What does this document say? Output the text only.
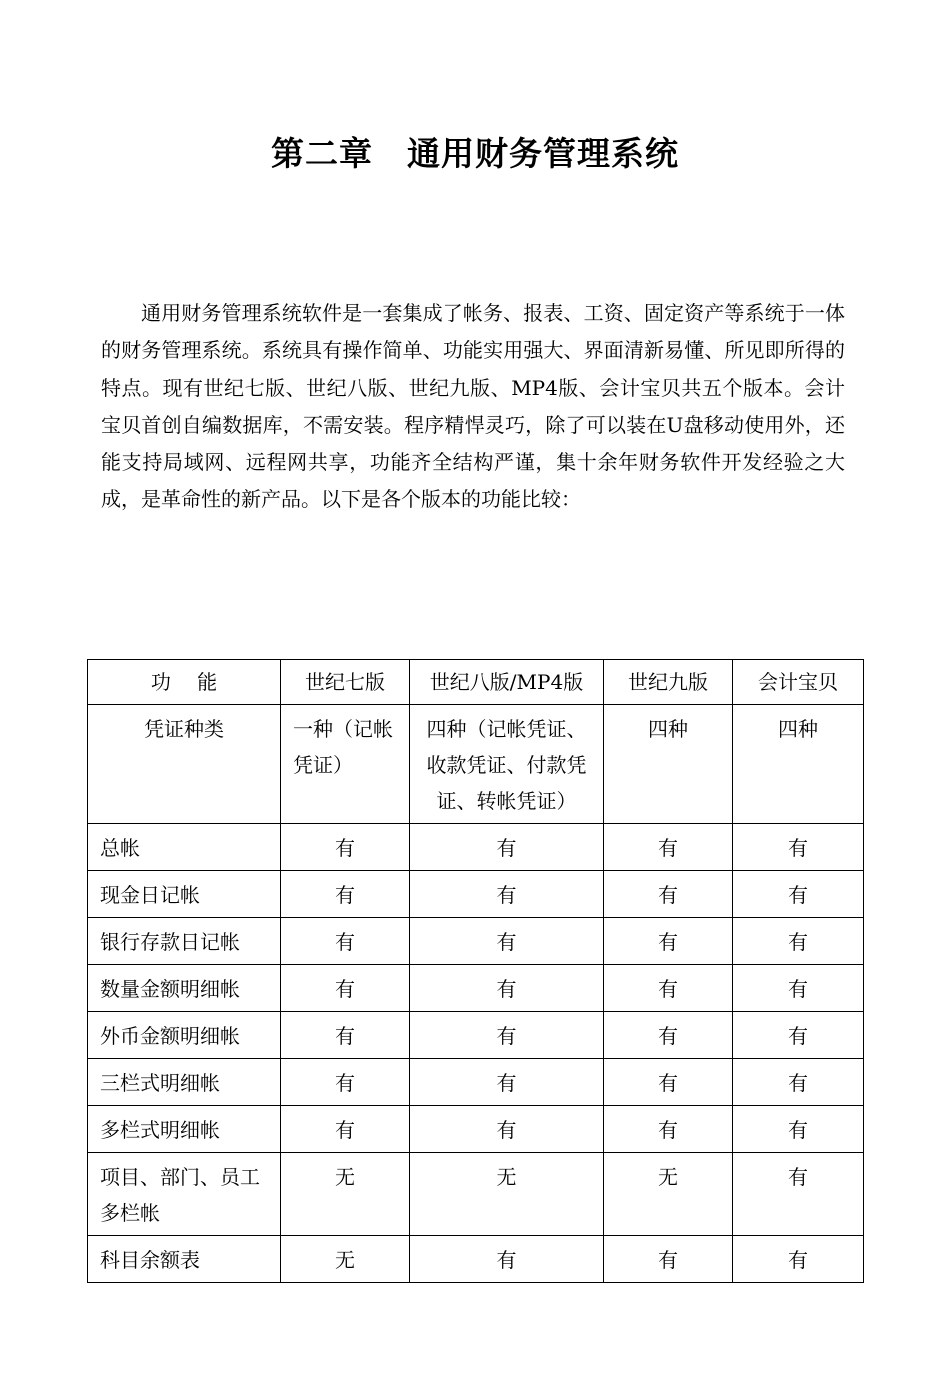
第二章　通用财务管理系统

通用财务管理系统软件是一套集成了帐务、报表、工资、固定资产等系统于一体的财务管理系统。系统具有操作简单、功能实用强大、界面清新易懂、所见即所得的特点。现有世纪七版、世纪八版、世纪九版、MP4版、会计宝贝共五个版本。会计宝贝首创自编数据库，不需安装。程序精悍灵巧，除了可以装在U盘移动使用外，还能支持局域网、远程网共享，功能齐全结构严谨，集十余年财务软件开发经验之大成，是革命性的新产品。以下是各个版本的功能比较：

功　 能	世纪七版	世纪八版/MP4版	世纪九版	会计宝贝
凭证种类	一种（记帐凭证）	四种（记帐凭证、收款凭证、付款凭证、转帐凭证）	四种	四种
总帐	有	有	有	有
现金日记帐	有	有	有	有
银行存款日记帐	有	有	有	有
数量金额明细帐	有	有	有	有
外币金额明细帐	有	有	有	有
三栏式明细帐	有	有	有	有
多栏式明细帐	有	有	有	有
项目、部门、员工多栏帐	无	无	无	有
科目余额表	无	有	有	有
